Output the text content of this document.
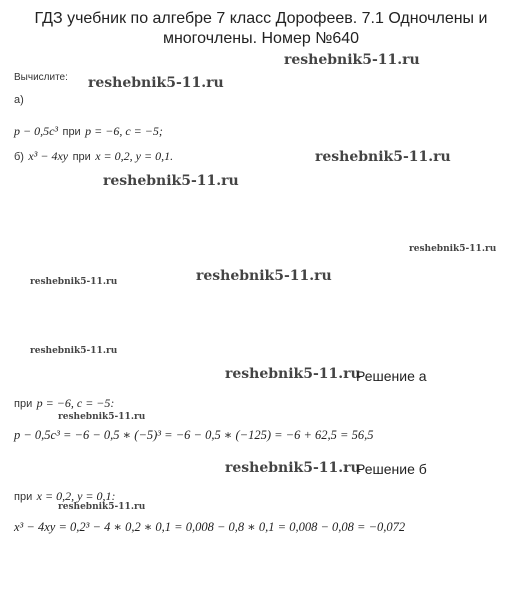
ГДЗ учебник по алгебре 7 класс Дорофеев. 7.1 Одночлены и
многочлены. Номер №640
reshebnik5-11.ru
reshebnik5-11.ru
reshebnik5-11.ru
reshebnik5-11.ru
reshebnik5-11.ru
reshebnik5-11.ru
reshebnik5-11.ru
reshebnik5-11.ru
reshebnik5-11.ru
reshebnik5-11.ru
reshebnik5-11.ru
reshebnik5-11.ru
Вычислите:
а)
p − 0,5c³ при p = −6, c = −5;
б) x³ − 4xy при x = 0,2, y = 0,1.
Решение а
при p = −6, c = −5:
p − 0,5c³ = −6 − 0,5 ∗ (−5)³ = −6 − 0,5 ∗ (−125) = −6 + 62,5 = 56,5
Решение б
при x = 0,2, y = 0,1:
x³ − 4xy = 0,2³ − 4 ∗ 0,2 ∗ 0,1 = 0,008 − 0,8 ∗ 0,1 = 0,008 − 0,08 = −0,072
